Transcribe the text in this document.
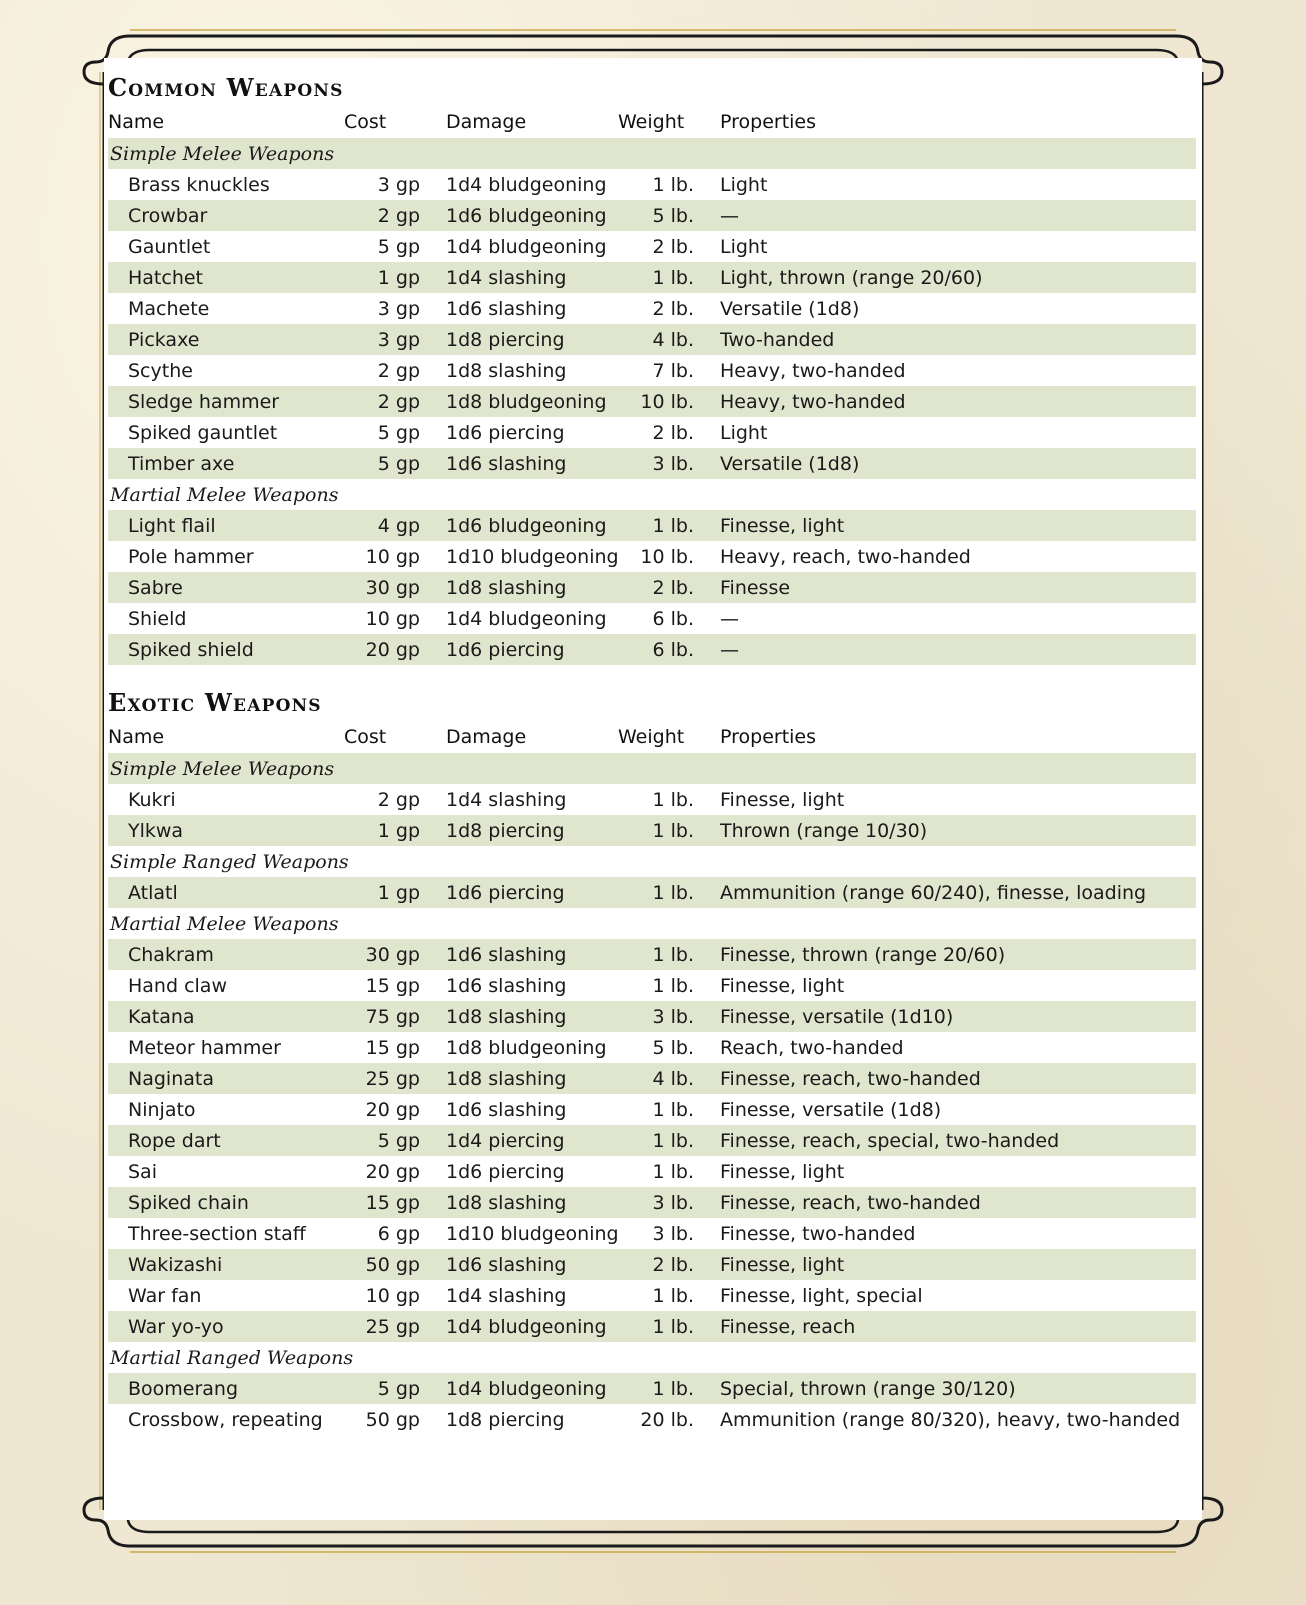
Common Weapons
Name	Cost	Damage	Weight	Properties
Simple Melee Weapons				
Brass knuckles	3 gp	1d4 bludgeoning	1 lb.	Light
Crowbar	2 gp	1d6 bludgeoning	5 lb.	—
Gauntlet	5 gp	1d4 bludgeoning	2 lb.	Light
Hatchet	1 gp	1d4 slashing	1 lb.	Light, thrown (range 20/60)
Machete	3 gp	1d6 slashing	2 lb.	Versatile (1d8)
Pickaxe	3 gp	1d8 piercing	4 lb.	Two-handed
Scythe	2 gp	1d8 slashing	7 lb.	Heavy, two-handed
Sledge hammer	2 gp	1d8 bludgeoning	10 lb.	Heavy, two-handed
Spiked gauntlet	5 gp	1d6 piercing	2 lb.	Light
Timber axe	5 gp	1d6 slashing	3 lb.	Versatile (1d8)
Martial Melee Weapons				
Light flail	4 gp	1d6 bludgeoning	1 lb.	Finesse, light
Pole hammer	10 gp	1d10 bludgeoning	10 lb.	Heavy, reach, two-handed
Sabre	30 gp	1d8 slashing	2 lb.	Finesse
Shield	10 gp	1d4 bludgeoning	6 lb.	—
Spiked shield	20 gp	1d6 piercing	6 lb.	—
Exotic Weapons
Name	Cost	Damage	Weight	Properties
Simple Melee Weapons				
Kukri	2 gp	1d4 slashing	1 lb.	Finesse, light
Ylkwa	1 gp	1d8 piercing	1 lb.	Thrown (range 10/30)
Simple Ranged Weapons				
Atlatl	1 gp	1d6 piercing	1 lb.	Ammunition (range 60/240), finesse, loading
Martial Melee Weapons				
Chakram	30 gp	1d6 slashing	1 lb.	Finesse, thrown (range 20/60)
Hand claw	15 gp	1d6 slashing	1 lb.	Finesse, light
Katana	75 gp	1d8 slashing	3 lb.	Finesse, versatile (1d10)
Meteor hammer	15 gp	1d8 bludgeoning	5 lb.	Reach, two-handed
Naginata	25 gp	1d8 slashing	4 lb.	Finesse, reach, two-handed
Ninjato	20 gp	1d6 slashing	1 lb.	Finesse, versatile (1d8)
Rope dart	5 gp	1d4 piercing	1 lb.	Finesse, reach, special, two-handed
Sai	20 gp	1d6 piercing	1 lb.	Finesse, light
Spiked chain	15 gp	1d8 slashing	3 lb.	Finesse, reach, two-handed
Three-section staff	6 gp	1d10 bludgeoning	3 lb.	Finesse, two-handed
Wakizashi	50 gp	1d6 slashing	2 lb.	Finesse, light
War fan	10 gp	1d4 slashing	1 lb.	Finesse, light, special
War yo-yo	25 gp	1d4 bludgeoning	1 lb.	Finesse, reach
Martial Ranged Weapons				
Boomerang	5 gp	1d4 bludgeoning	1 lb.	Special, thrown (range 30/120)
Crossbow, repeating	50 gp	1d8 piercing	20 lb.	Ammunition (range 80/320), heavy, two-handed
